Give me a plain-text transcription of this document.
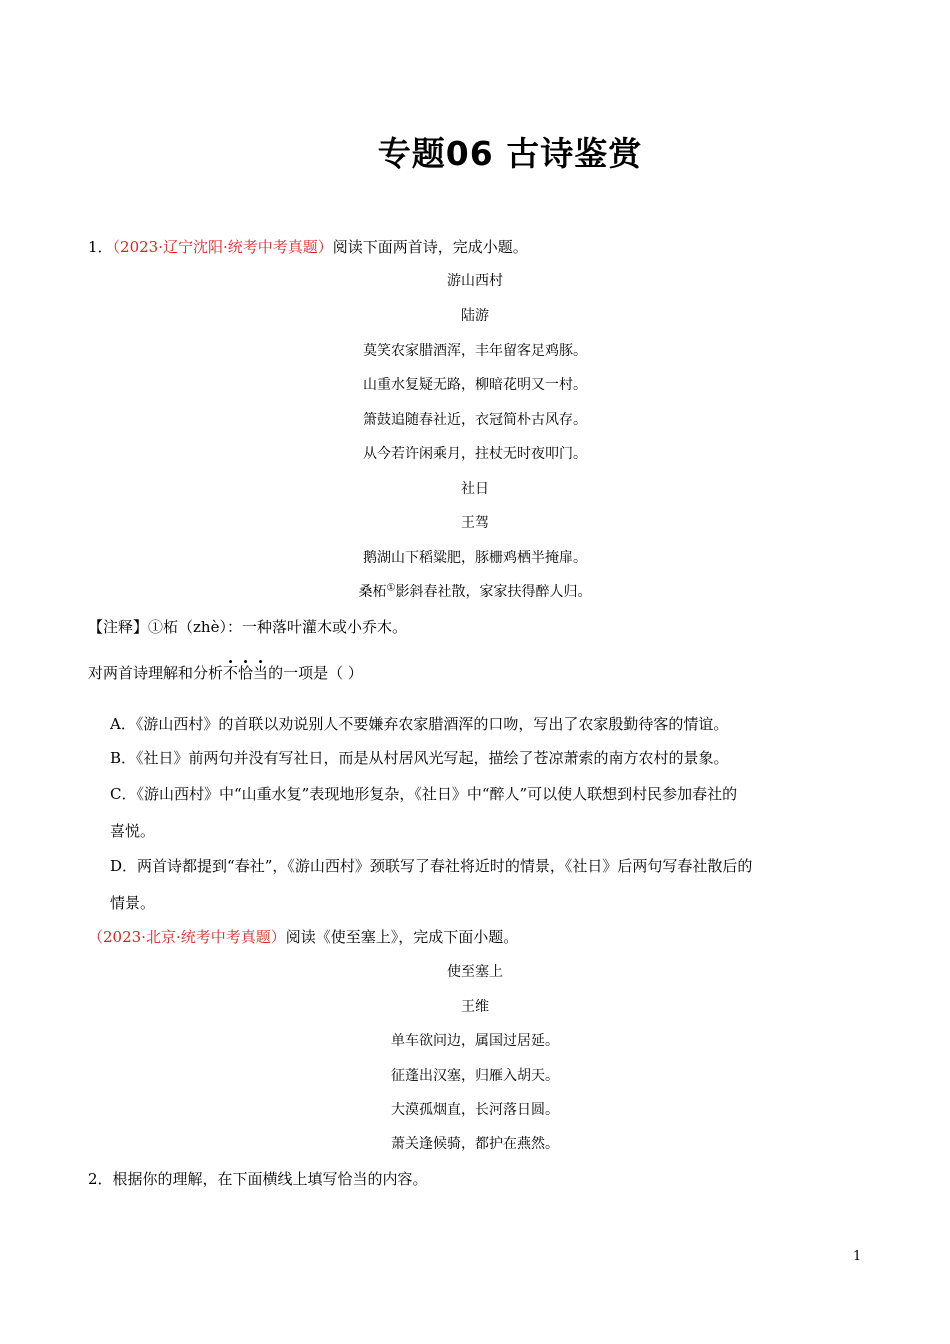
专题06 古诗鉴赏
1．（2023·辽宁沈阳·统考中考真题）阅读下面两首诗，完成小题。
游山西村
陆游
莫笑农家腊酒浑，丰年留客足鸡豚。
山重水复疑无路，柳暗花明又一村。
箫鼓追随春社近，衣冠简朴古风存。
从今若许闲乘月，拄杖无时夜叩门。
社日
王驾
鹅湖山下稻粱肥，豚栅鸡栖半掩扉。
桑柘①影斜春社散，家家扶得醉人归。
【注释】①柘（zhè）：一种落叶灌木或小乔木。
对两首诗理解和分析不恰当的一项是（ ）
A．《游山西村》的首联以劝说别人不要嫌弃农家腊酒浑的口吻，写出了农家殷勤待客的情谊。
B．《社日》前两句并没有写社日，而是从村居风光写起，描绘了苍凉萧索的南方农村的景象。
C．《游山西村》中“山重水复”表现地形复杂，《社日》中“醉人”可以使人联想到村民参加春社的
喜悦。
D．两首诗都提到“春社”，《游山西村》颈联写了春社将近时的情景，《社日》后两句写春社散后的
情景。
（2023·北京·统考中考真题）阅读《使至塞上》，完成下面小题。
使至塞上
王维
单车欲问边，属国过居延。
征蓬出汉塞，归雁入胡天。
大漠孤烟直，长河落日圆。
萧关逢候骑，都护在燕然。
2．根据你的理解，在下面横线上填写恰当的内容。
1
